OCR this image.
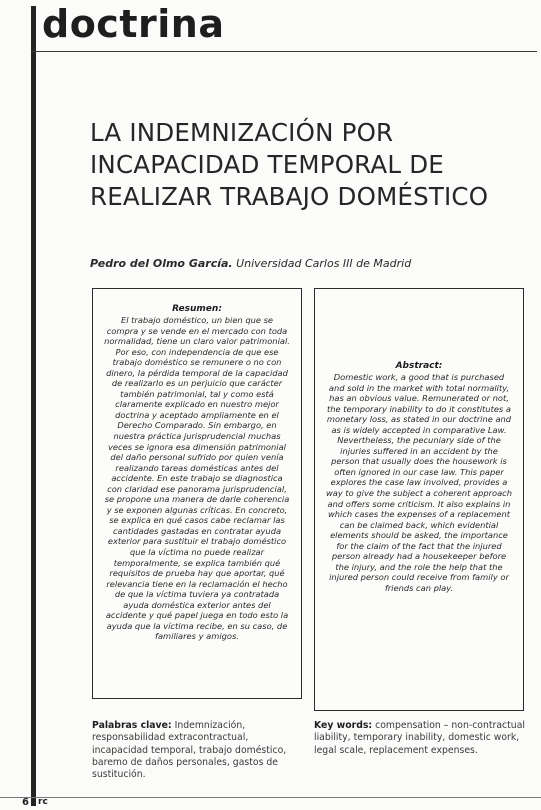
doctrina
LA INDEMNIZACIÓN POR INCAPACIDAD TEMPORAL DE REALIZAR TRABAJO DOMÉSTICO
Pedro del Olmo García. Universidad Carlos III de Madrid
Resumen:
El trabajo doméstico, un bien que se compra y se vende en el mercado con toda normalidad, tiene un claro valor patrimonial. Por eso, con independencia de que ese trabajo doméstico se remunere o no con dinero, la pérdida temporal de la capacidad de realizarlo es un perjuicio que carácter también patrimonial, tal y como está claramente explicado en nuestro mejor doctrina y aceptado ampliamente en el Derecho Comparado. Sin embargo, en nuestra práctica jurisprudencial muchas veces se ignora esa dimensión patrimonial del daño personal sufrido por quien venía realizando tareas domésticas antes del accidente. En este trabajo se diagnostica con claridad ese panorama jurisprudencial, se propone una manera de darle coherencia y se exponen algunas críticas. En concreto, se explica en qué casos cabe reclamar las cantidades gastadas en contratar ayuda exterior para sustituir el trabajo doméstico que la víctima no puede realizar temporalmente, se explica también qué requisitos de prueba hay que aportar, qué relevancia tiene en la reclamación el hecho de que la víctima tuviera ya contratada ayuda doméstica exterior antes del accidente y qué papel juega en todo esto la ayuda que la víctima recibe, en su caso, de familiares y amigos.
Abstract:
Domestic work, a good that is purchased and sold in the market with total normality, has an obvious value. Remunerated or not, the temporary inability to do it constitutes a monetary loss, as stated in our doctrine and as is widely accepted in comparative Law. Nevertheless, the pecuniary side of the injuries suffered in an accident by the person that usually does the housework is often ignored in our case law. This paper explores the case law involved, provides a way to give the subject a coherent approach and offers some criticism. It also explains in which cases the expenses of a replacement can be claimed back, which evidential elements should be asked, the importance for the claim of the fact that the injured person already had a housekeeper before the injury, and the role the help that the injured person could receive from family or friends can play.
Palabras clave: Indemnización, responsabilidad extracontractual, incapacidad temporal, trabajo doméstico, baremo de daños personales, gastos de sustitución.
Key words: compensation – non-contractual liability, temporary inability, domestic work, legal scale, replacement expenses.
6 rc
